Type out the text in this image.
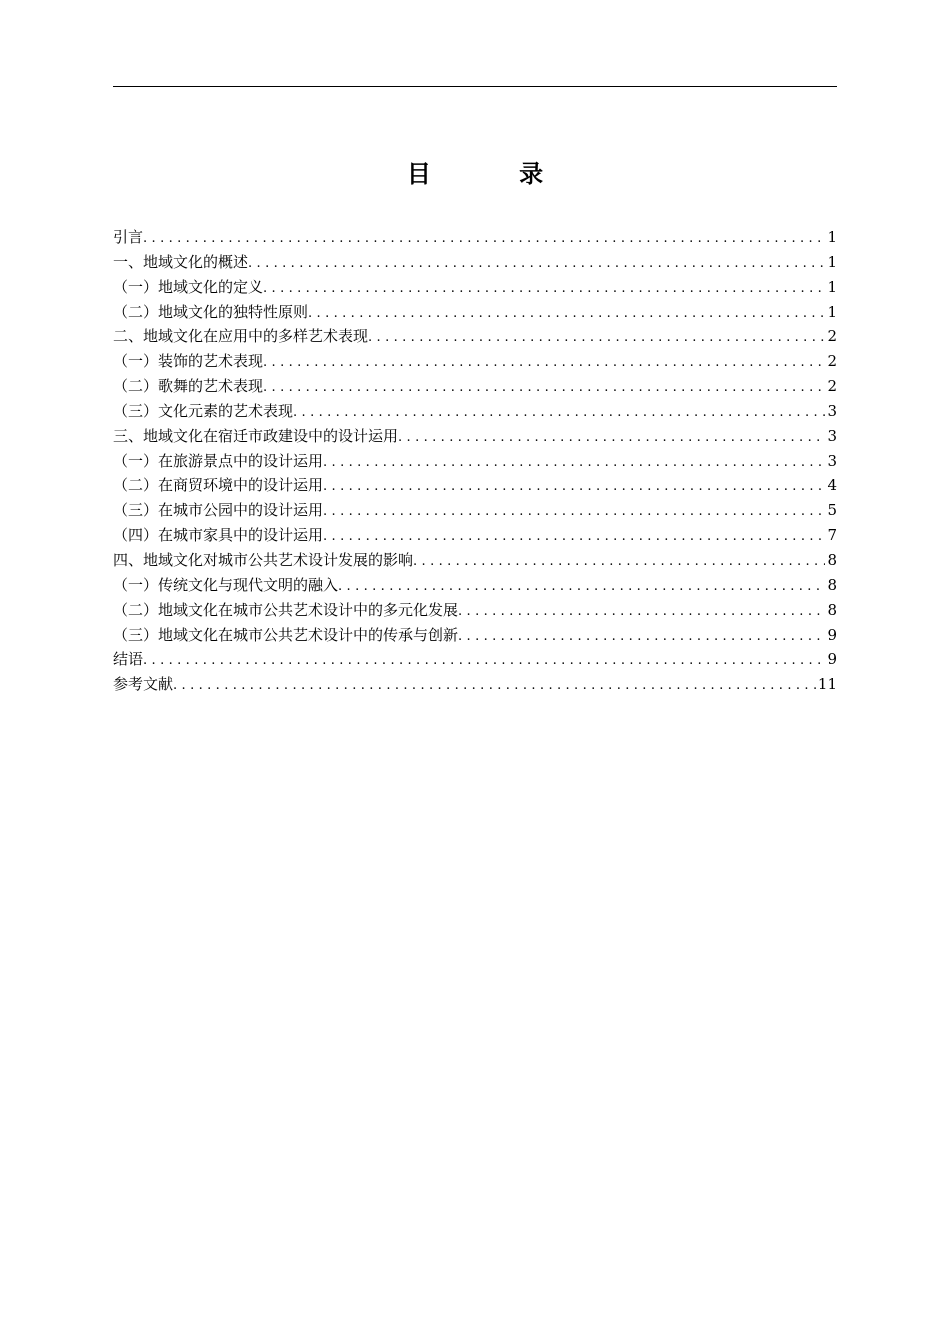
目 录
引言 .....	1
一、地域文化的概述 .....	1
（一）地域文化的定义 .....	1
（二）地域文化的独特性原则 .....	1
二、地域文化在应用中的多样艺术表现 .....	2
（一）装饰的艺术表现 .....	2
（二）歌舞的艺术表现 .....	2
（三）文化元素的艺术表现 .....	3
三、地域文化在宿迁市政建设中的设计运用 .....	3
（一）在旅游景点中的设计运用 .....	3
（二）在商贸环境中的设计运用 .....	4
（三）在城市公园中的设计运用 .....	5
（四）在城市家具中的设计运用 .....	7
四、地域文化对城市公共艺术设计发展的影响 .....	8
（一）传统文化与现代文明的融入 .....	8
（二）地域文化在城市公共艺术设计中的多元化发展 .....	8
（三）地域文化在城市公共艺术设计中的传承与创新 .....	9
结语 .....	9
参考文献 .....	11
